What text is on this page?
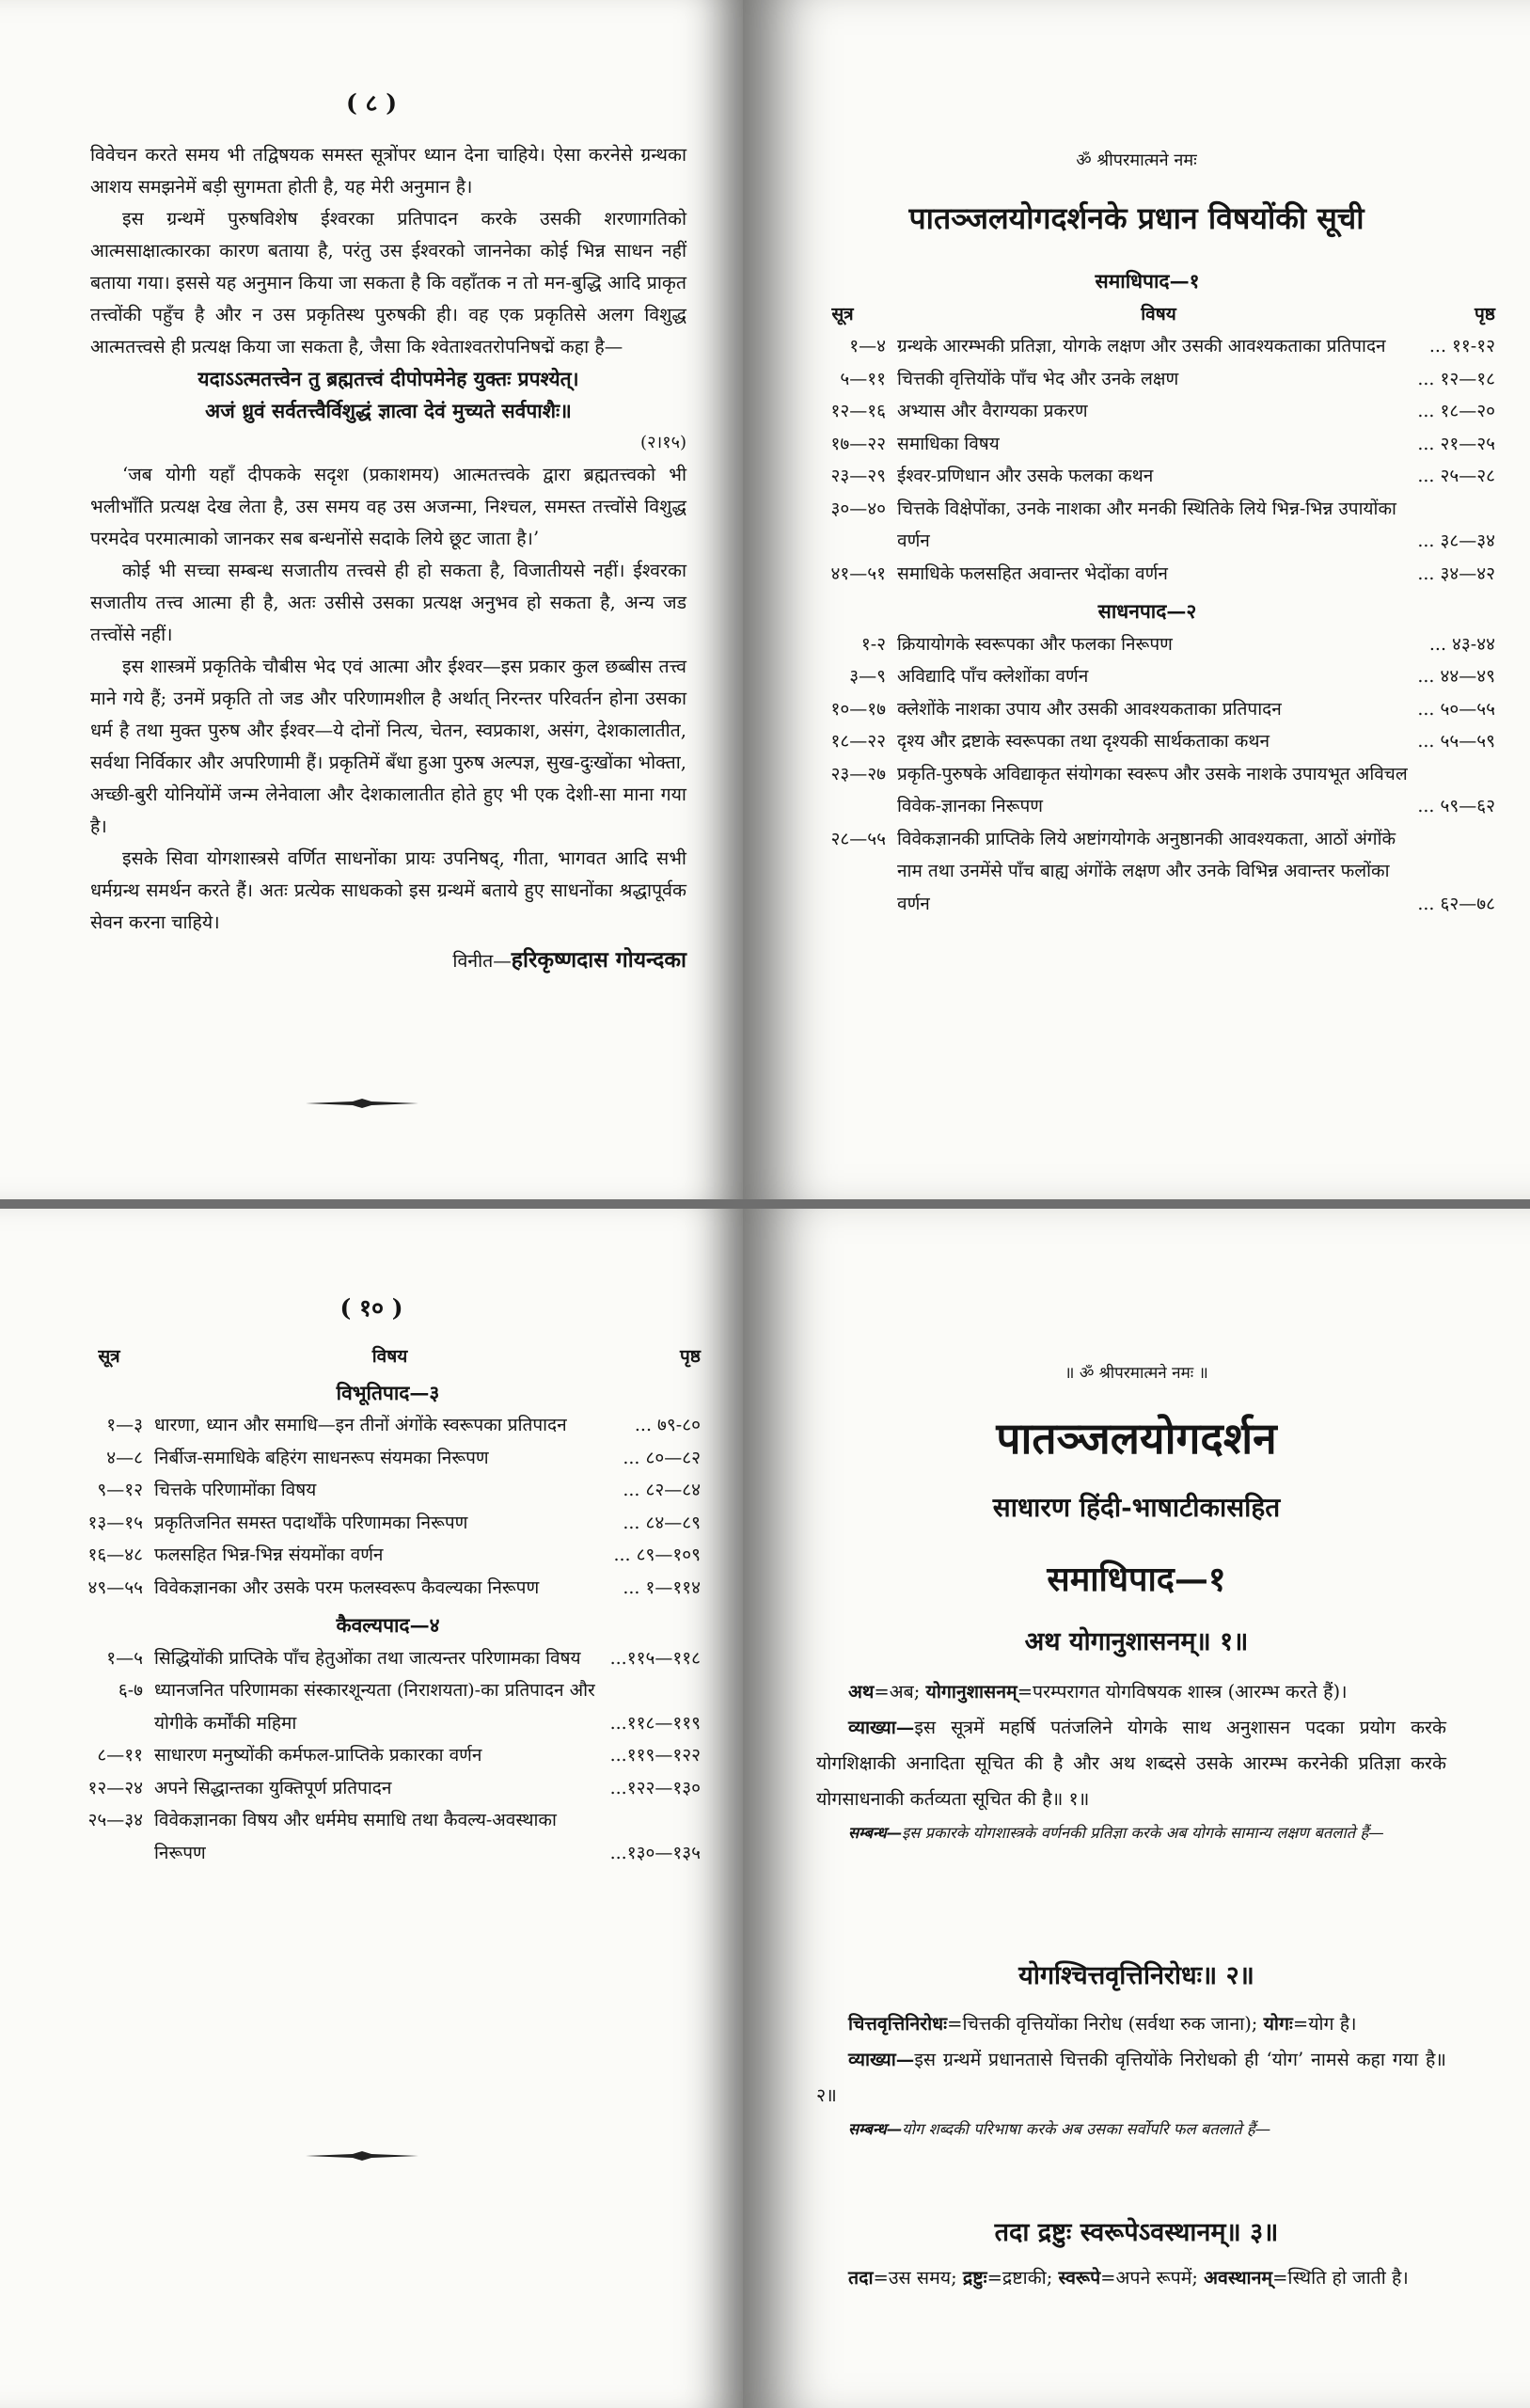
( ८ )

विवेचन करते समय भी तद्विषयक समस्त सूत्रोंपर ध्यान देना चाहिये। ऐसा करनेसे ग्रन्थका आशय समझनेमें बड़ी सुगमता होती है, यह मेरी अनुमान है।

इस ग्रन्थमें पुरुषविशेष ईश्वरका प्रतिपादन करके उसकी शरणागतिको आत्मसाक्षात्कारका कारण बताया है, परंतु उस ईश्वरको जाननेका कोई भिन्न साधन नहीं बताया गया। इससे यह अनुमान किया जा सकता है कि वहाँतक न तो मन-बुद्धि आदि प्राकृत तत्त्वोंकी पहुँच है और न उस प्रकृतिस्थ पुरुषकी ही। वह एक प्रकृतिसे अलग विशुद्ध आत्मतत्त्वसे ही प्रत्यक्ष किया जा सकता है, जैसा कि श्वेताश्वतरोपनिषद्में कहा है—

यदाऽऽत्मतत्त्वेन तु ब्रह्मतत्त्वं दीपोपमेनेह युक्तः प्रपश्येत्।
अजं ध्रुवं सर्वतत्त्वैर्विशुद्धं ज्ञात्वा देवं मुच्यते सर्वपाशैः॥
(२।१५)

‘जब योगी यहाँ दीपकके सदृश (प्रकाशमय) आत्मतत्त्वके द्वारा ब्रह्मतत्त्वको भी भलीभाँति प्रत्यक्ष देख लेता है, उस समय वह उस अजन्मा, निश्चल, समस्त तत्त्वोंसे विशुद्ध परमदेव परमात्माको जानकर सब बन्धनोंसे सदाके लिये छूट जाता है।’

कोई भी सच्चा सम्बन्ध सजातीय तत्त्वसे ही हो सकता है, विजातीयसे नहीं। ईश्वरका सजातीय तत्त्व आत्मा ही है, अतः उसीसे उसका प्रत्यक्ष अनुभव हो सकता है, अन्य जड तत्त्वोंसे नहीं।

इस शास्त्रमें प्रकृतिके चौबीस भेद एवं आत्मा और ईश्वर—इस प्रकार कुल छब्बीस तत्त्व माने गये हैं; उनमें प्रकृति तो जड और परिणामशील है अर्थात् निरन्तर परिवर्तन होना उसका धर्म है तथा मुक्त पुरुष और ईश्वर—ये दोनों नित्य, चेतन, स्वप्रकाश, असंग, देशकालातीत, सर्वथा निर्विकार और अपरिणामी हैं। प्रकृतिमें बँधा हुआ पुरुष अल्पज्ञ, सुख-दुःखोंका भोक्ता, अच्छी-बुरी योनियोंमें जन्म लेनेवाला और देशकालातीत होते हुए भी एक देशी-सा माना गया है।

इसके सिवा योगशास्त्रसे वर्णित साधनोंका प्रायः उपनिषद्, गीता, भागवत आदि सभी धर्मग्रन्थ समर्थन करते हैं। अतः प्रत्येक साधकको इस ग्रन्थमें बताये हुए साधनोंका श्रद्धापूर्वक सेवन करना चाहिये।

विनीत—हरिकृष्णदास गोयन्दका
ॐ श्रीपरमात्मने नमः
पातञ्जलयोगदर्शनके प्रधान विषयोंकी सूची
समाधिपाद—१
सूत्र	विषय	पृष्ठ
१—४ ग्रन्थके आरम्भकी प्रतिज्ञा, योगके लक्षण और उसकी आवश्यकताका प्रतिपादन	... ११-१२
५—११ चित्तकी वृत्तियोंके पाँच भेद और उनके लक्षण	... १२—१८
१२—१६ अभ्यास और वैराग्यका प्रकरण	... १८—२०
१७—२२ समाधिका विषय	... २१—२५
२३—२९ ईश्वर-प्रणिधान और उसके फलका कथन	... २५—२८
३०—४० चित्तके विक्षेपोंका, उनके नाशका और मनकी स्थितिके लिये भिन्न-भिन्न उपायोंका वर्णन	... ३८—३४
४१—५१ समाधिके फलसहित अवान्तर भेदोंका वर्णन	... ३४—४२
साधनपाद—२
१-२ क्रियायोगके स्वरूपका और फलका निरूपण	... ४३-४४
३—९ अविद्यादि पाँच क्लेशोंका वर्णन	... ४४—४९
१०—१७ क्लेशोंके नाशका उपाय और उसकी आवश्यकताका प्रतिपादन	... ५०—५५
१८—२२ दृश्य और द्रष्टाके स्वरूपका तथा दृश्यकी सार्थकताका कथन	... ५५—५९
२३—२७ प्रकृति-पुरुषके अविद्याकृत संयोगका स्वरूप और उसके नाशके उपायभूत अविचल विवेक-ज्ञानका निरूपण	... ५९—६२
२८—५५ विवेकज्ञानकी प्राप्तिके लिये अष्टांगयोगके अनुष्ठानकी आवश्यकता, आठों अंगोंके नाम तथा उनमेंसे पाँच बाह्य अंगोंके लक्षण और उनके विभिन्न अवान्तर फलोंका वर्णन	... ६२—७८
( १० )
सूत्र	विषय	पृष्ठ
विभूतिपाद—३
१—३ धारणा, ध्यान और समाधि—इन तीनों अंगोंके स्वरूपका प्रतिपादन	... ७९-८०
४—८ निर्बीज-समाधिके बहिरंग साधनरूप संयमका निरूपण	... ८०—८२
९—१२ चित्तके परिणामोंका विषय	... ८२—८४
१३—१५ प्रकृतिजनित समस्त पदार्थोंके परिणामका निरूपण	... ८४—८९
१६—४८ फलसहित भिन्न-भिन्न संयमोंका वर्णन	... ८९—१०९
४९—५५ विवेकज्ञानका और उसके परम फलस्वरूप कैवल्यका निरूपण	... १—११४
कैवल्यपाद—४
१—५ सिद्धियोंकी प्राप्तिके पाँच हेतुओंका तथा जात्यन्तर परिणामका विषय	...११५—११८
६-७ ध्यानजनित परिणामका संस्कारशून्यता (निराशयता)-का प्रतिपादन और योगीके कर्मोंकी महिमा	...११८—११९
८—११ साधारण मनुष्योंकी कर्मफल-प्राप्तिके प्रकारका वर्णन	...११९—१२२
१२—२४ अपने सिद्धान्तका युक्तिपूर्ण प्रतिपादन	...१२२—१३०
२५—३४ विवेकज्ञानका विषय और धर्ममेघ समाधि तथा कैवल्य-अवस्थाका निरूपण	...१३०—१३५
॥ ॐ श्रीपरमात्मने नमः ॥
पातञ्जलयोगदर्शन
साधारण हिंदी-भाषाटीकासहित
समाधिपाद—१
अथ योगानुशासनम्॥ १॥

अथ=अब; योगानुशासनम्=परम्परागत योगविषयक शास्त्र (आरम्भ करते हैं)।

व्याख्या—इस सूत्रमें महर्षि पतंजलिने योगके साथ अनुशासन पदका प्रयोग करके योगशिक्षाकी अनादिता सूचित की है और अथ शब्दसे उसके आरम्भ करनेकी प्रतिज्ञा करके योगसाधनाकी कर्तव्यता सूचित की है॥ १॥

सम्बन्ध—इस प्रकारके योगशास्त्रके वर्णनकी प्रतिज्ञा करके अब योगके सामान्य लक्षण बतलाते हैं—

योगश्चित्तवृत्तिनिरोधः॥ २॥

चित्तवृत्तिनिरोधः=चित्तकी वृत्तियोंका निरोध (सर्वथा रुक जाना); योगः=योग है।

व्याख्या—इस ग्रन्थमें प्रधानतासे चित्तकी वृत्तियोंके निरोधको ही ‘योग’ नामसे कहा गया है॥ २॥

सम्बन्ध—योग शब्दकी परिभाषा करके अब उसका सर्वोपरि फल बतलाते हैं—

तदा द्रष्टुः स्वरूपेऽवस्थानम्॥ ३॥

तदा=उस समय; द्रष्टुः=द्रष्टाकी; स्वरूपे=अपने रूपमें; अवस्थानम्=स्थिति हो जाती है।
